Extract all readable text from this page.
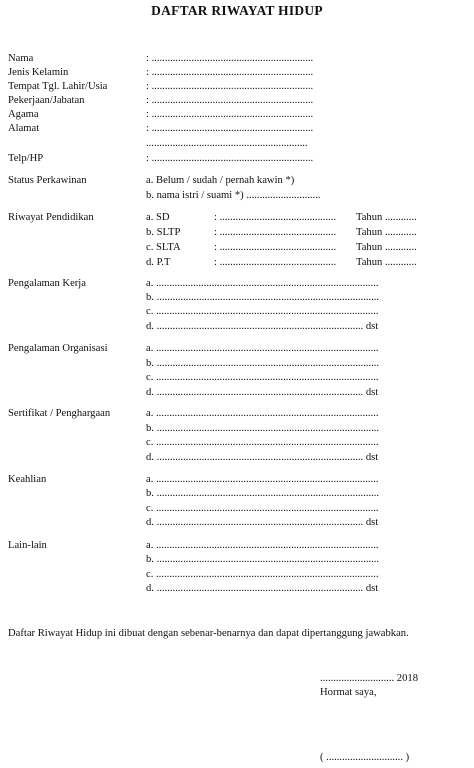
DAFTAR RIWAYAT HIDUP
Nama	: .............................................................
Jenis Kelamin	: .............................................................
Tempat Tgl. Lahir/Usia	: .............................................................
Pekerjaan/Jabatan	: .............................................................
Agama	: .............................................................
Alamat	: .............................................................
.............................................................
Telp/HP	: .............................................................
Status Perkawinan	a. Belum / sudah / pernah kawin *)
b. nama istri / suami *) ............................
Riwayat Pendidikan	a. SD	: ............................................ Tahun ............
b. SLTP	: ............................................ Tahun ............
c. SLTA	: ............................................ Tahun ............
d. P.T	: ............................................ Tahun ............
Pengalaman Kerja	a. ....................................................................................
b. ....................................................................................
c. ....................................................................................
d. .............................................................................. dst
Pengalaman Organisasi	a. ....................................................................................
b. ....................................................................................
c. ....................................................................................
d. .............................................................................. dst
Sertifikat / Penghargaan	a. ....................................................................................
b. ....................................................................................
c. ....................................................................................
d. .............................................................................. dst
Keahlian	a. ....................................................................................
b. ....................................................................................
c. ....................................................................................
d. .............................................................................. dst
Lain-lain	a. ....................................................................................
b. ....................................................................................
c. ....................................................................................
d. .............................................................................. dst
Daftar Riwayat Hidup ini dibuat dengan sebenar-benarnya dan dapat dipertanggung jawabkan.
............................ 2018
Hormat saya,
( ............................. )
